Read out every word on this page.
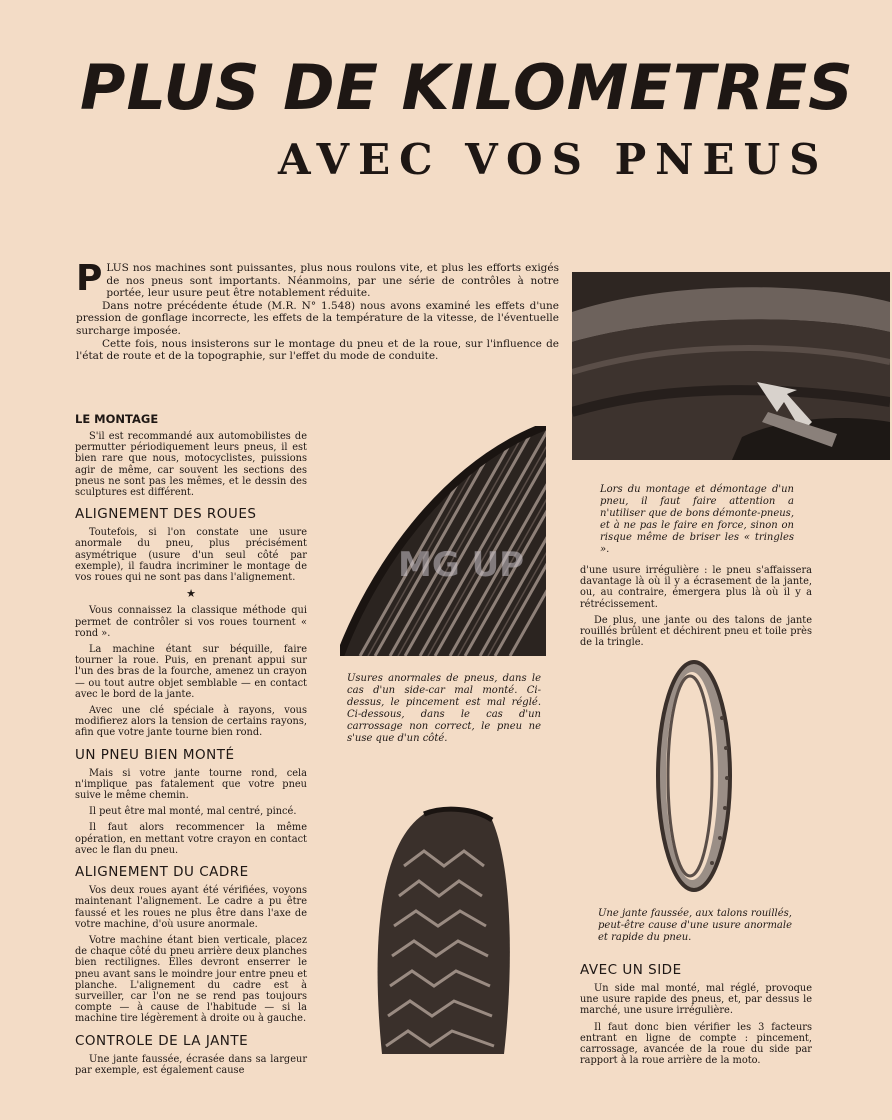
PLUS DE KILOMETRES
AVEC VOS PNEUS

PLUS nos machines sont puissantes, plus nous roulons vite, et plus les efforts exigés de nos pneus sont importants. Néanmoins, par une série de contrôles à notre portée, leur usure peut être notablement réduite.

Dans notre précédente étude (M.R. N° 1.548) nous avons examiné les effets d'une pression de gonflage incorrecte, les effets de la température de la vitesse, de l'éventuelle surcharge imposée.

Cette fois, nous insisterons sur le montage du pneu et de la roue, sur l'influence de l'état de route et de la topographie, sur l'effet du mode de conduite.

LE MONTAGE

S'il est recommandé aux automobilistes de permutter périodiquement leurs pneus, il est bien rare que nous, motocyclistes, puissions agir de même, car souvent les sections des pneus ne sont pas les mêmes, et le dessin des sculptures est différent.

ALIGNEMENT DES ROUES

Toutefois, si l'on constate une usure anormale du pneu, plus précisément asymétrique (usure d'un seul côté par exemple), il faudra incriminer le montage de vos roues qui ne sont pas dans l'alignement.

★

Vous connaissez la classique méthode qui permet de contrôler si vos roues tournent « rond ».

La machine étant sur béquille, faire tourner la roue. Puis, en prenant appui sur l'un des bras de la fourche, amenez un crayon — ou tout autre objet semblable — en contact avec le bord de la jante.

Avec une clé spéciale à rayons, vous modifierez alors la tension de certains rayons, afin que votre jante tourne bien rond.

UN PNEU BIEN MONTÉ

Mais si votre jante tourne rond, cela n'implique pas fatalement que votre pneu suive le même chemin.

Il peut être mal monté, mal centré, pincé.

Il faut alors recommencer la même opération, en mettant votre crayon en contact avec le flan du pneu.

ALIGNEMENT DU CADRE

Vos deux roues ayant été vérifiées, voyons maintenant l'alignement. Le cadre a pu être faussé et les roues ne plus être dans l'axe de votre machine, d'où usure anormale.

Votre machine étant bien verticale, placez de chaque côté du pneu arrière deux planches bien rectilignes. Elles devront enserrer le pneu avant sans le moindre jour entre pneu et planche. L'alignement du cadre est à surveiller, car l'on ne se rend pas toujours compte — à cause de l'habitude — si la machine tire légèrement à droite ou à gauche.

CONTROLE DE LA JANTE

Une jante faussée, écrasée dans sa largeur par exemple, est également cause

MG UP
Usures anormales de pneus, dans le cas d'un side-car mal monté. Ci-dessus, le pincement est mal réglé. Ci-dessous, dans le cas d'un carrossage non correct, le pneu ne s'use que d'un côté.
Lors du montage et démontage d'un pneu, il faut faire attention a n'utiliser que de bons démonte-pneus, et à ne pas le faire en force, sinon on risque même de briser les « tringles ».

d'une usure irrégulière : le pneu s'affaissera davantage là où il y a écrasement de la jante, ou, au contraire, émergera plus là où il y a rétrécissement.

De plus, une jante ou des talons de jante rouillés brûlent et déchirent pneu et toile près de la tringle.

Une jante faussée, aux talons rouillés, peut-être cause d'une usure anormale et rapide du pneu.
AVEC UN SIDE

Un side mal monté, mal réglé, provoque une usure rapide des pneus, et, par dessus le marché, une usure irrégulière.

Il faut donc bien vérifier les 3 facteurs entrant en ligne de compte : pincement, carrossage, avancée de la roue du side par rapport à la roue arrière de la moto.
